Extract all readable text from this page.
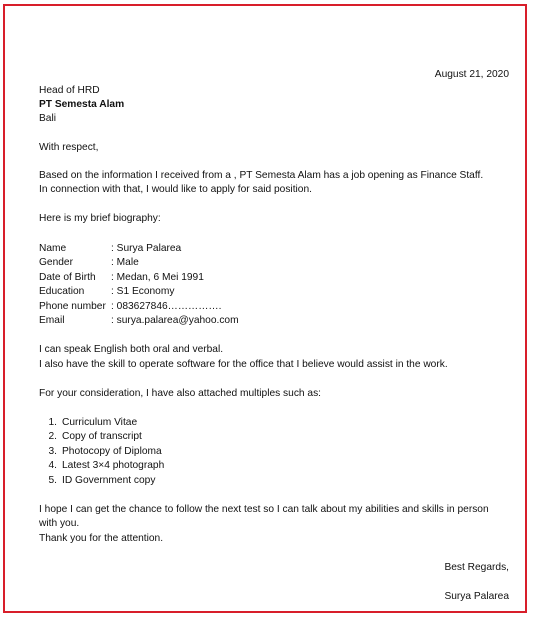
August 21, 2020
Head of HRD
PT Semesta Alam
Bali
With respect,
Based on the information I received from a , PT Semesta Alam has a job opening as Finance Staff.
In connection with that, I would like to apply for said position.
Here is my brief biography:
Name	: Surya Palarea
Gender	: Male
Date of Birth : Medan, 6 Mei 1991
Education	: S1 Economy
Phone number : 083627846…………….
Email	: surya.palarea@yahoo.com
I can speak English both oral and verbal.
I also have the skill to operate software for the office that I believe would assist in the work.
For your consideration, I have also attached multiples such as:
1. Curriculum Vitae
2. Copy of transcript
3. Photocopy of Diploma
4. Latest 3×4 photograph
5. ID Government copy
I hope I can get the chance to follow the next test so I can talk about my abilities and skills in person
with you.
Thank you for the attention.
Best Regards,
Surya Palarea
